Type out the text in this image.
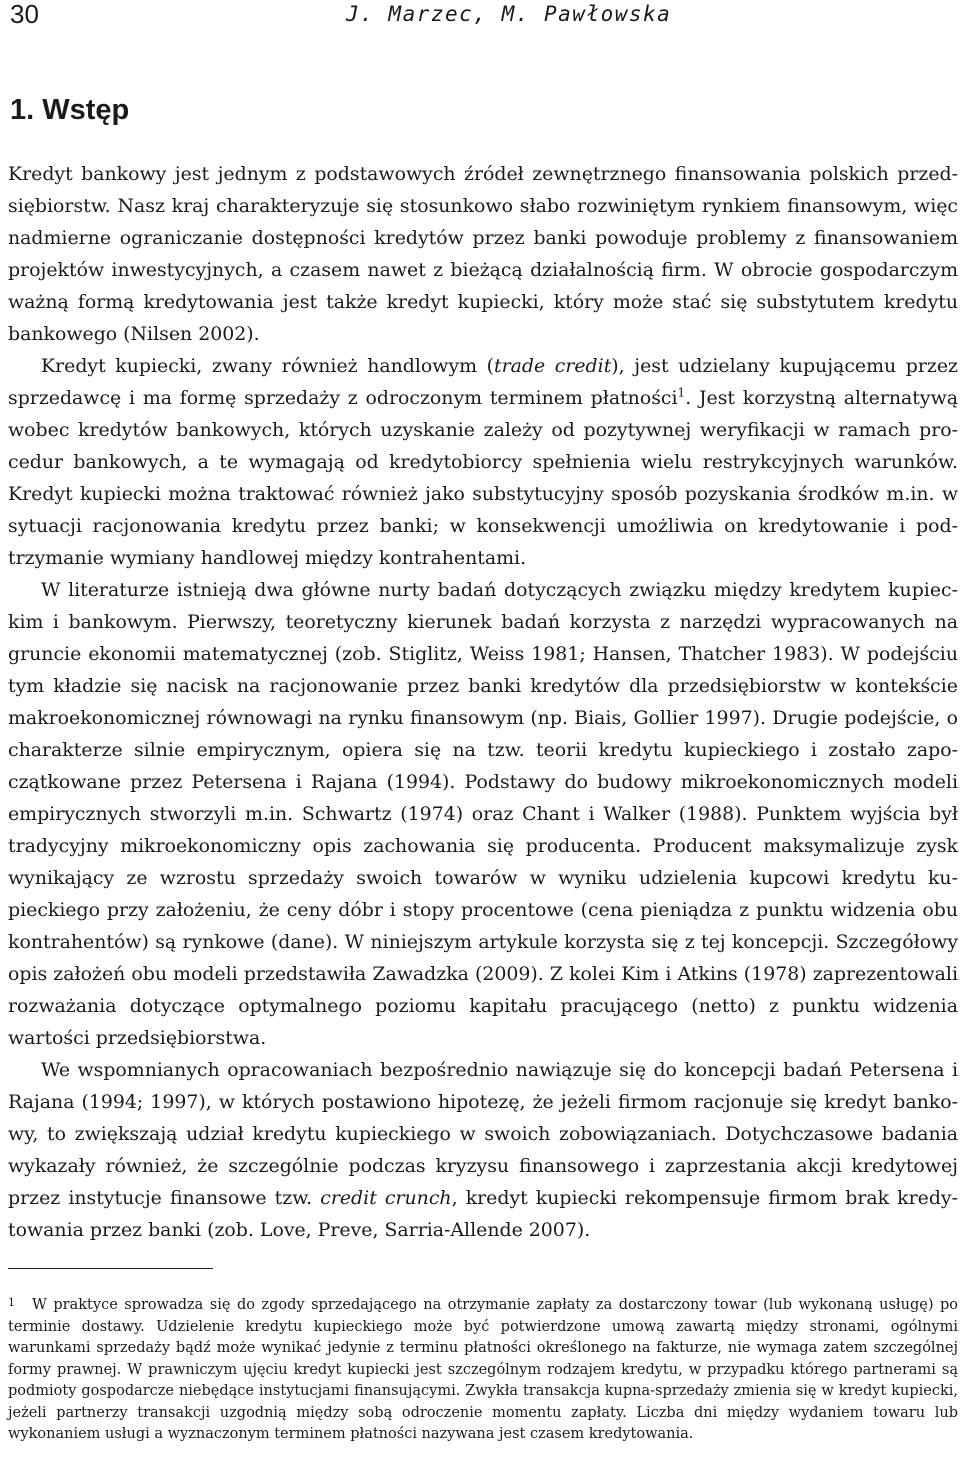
30	J. Marzec, M. Pawłowska
1. Wstęp

Kredyt bankowy jest jednym z podstawowych źródeł zewnętrznego finansowania polskich przedsiębiorstw. Nasz kraj charakteryzuje się stosunkowo słabo rozwiniętym rynkiem finansowym, więc nadmierne ograniczanie dostępności kredytów przez banki powoduje problemy z finansowaniem projektów inwestycyjnych, a czasem nawet z bieżącą działalnością firm. W obrocie gospodarczym ważną formą kredytowania jest także kredyt kupiecki, który może stać się substytutem kredytu bankowego (Nilsen 2002).

Kredyt kupiecki, zwany również handlowym (trade credit), jest udzielany kupującemu przez sprzedawcę i ma formę sprzedaży z odroczonym terminem płatności$^1$. Jest korzystną alternatywą wobec kredytów bankowych, których uzyskanie zależy od pozytywnej weryfikacji w ramach procedur bankowych, a te wymagają od kredytobiorcy spełnienia wielu restrykcyjnych warunków. Kredyt kupiecki można traktować również jako substytucyjny sposób pozyskania środków m.in. w sytuacji racjonowania kredytu przez banki; w konsekwencji umożliwia on kredytowanie i podtrzymanie wymiany handlowej między kontrahentami.

W literaturze istnieją dwa główne nurty badań dotyczących związku między kredytem kupieckim i bankowym. Pierwszy, teoretyczny kierunek badań korzysta z narzędzi wypracowanych na gruncie ekonomii matematycznej (zob. Stiglitz, Weiss 1981; Hansen, Thatcher 1983). W podejściu tym kładzie się nacisk na racjonowanie przez banki kredytów dla przedsiębiorstw w kontekście makroekonomicznej równowagi na rynku finansowym (np. Biais, Gollier 1997). Drugie podejście, o charakterze silnie empirycznym, opiera się na tzw. teorii kredytu kupieckiego i zostało zapoczątkowane przez Petersena i Rajana (1994). Podstawy do budowy mikroekonomicznych modeli empirycznych stworzyli m.in. Schwartz (1974) oraz Chant i Walker (1988). Punktem wyjścia był tradycyjny mikroekonomiczny opis zachowania się producenta. Producent maksymalizuje zysk wynikający ze wzrostu sprzedaży swoich towarów w wyniku udzielenia kupcowi kredytu kupieckiego przy założeniu, że ceny dóbr i stopy procentowe (cena pieniądza z punktu widzenia obu kontrahentów) są rynkowe (dane). W niniejszym artykule korzysta się z tej koncepcji. Szczegółowy opis założeń obu modeli przedstawiła Zawadzka (2009). Z kolei Kim i Atkins (1978) zaprezentowali rozważania dotyczące optymalnego poziomu kapitału pracującego (netto) z punktu widzenia wartości przedsiębiorstwa.

We wspomnianych opracowaniach bezpośrednio nawiązuje się do koncepcji badań Petersena i Rajana (1994; 1997), w których postawiono hipotezę, że jeżeli firmom racjonuje się kredyt bankowy, to zwiększają udział kredytu kupieckiego w swoich zobowiązaniach. Dotychczasowe badania wykazały również, że szczególnie podczas kryzysu finansowego i zaprzestania akcji kredytowej przez instytucje finansowe tzw. credit crunch, kredyt kupiecki rekompensuje firmom brak kredytowania przez banki (zob. Love, Preve, Sarria-Allende 2007).

1 W praktyce sprowadza się do zgody sprzedającego na otrzymanie zapłaty za dostarczony towar (lub wykonaną usługę) po terminie dostawy. Udzielenie kredytu kupieckiego może być potwierdzone umową zawartą między stronami, ogólnymi warunkami sprzedaży bądź może wynikać jedynie z terminu płatności określonego na fakturze, nie wymaga zatem szczególnej formy prawnej. W prawniczym ujęciu kredyt kupiecki jest szczególnym rodzajem kredytu, w przypadku którego partnerami są podmioty gospodarcze niebędące instytucjami finansującymi. Zwykła transakcja kupna-sprzedaży zmienia się w kredyt kupiecki, jeżeli partnerzy transakcji uzgodnią między sobą odroczenie momentu zapłaty. Liczba dni między wydaniem towaru lub wykonaniem usługi a wyznaczonym terminem płatności nazywana jest czasem kredytowania.
